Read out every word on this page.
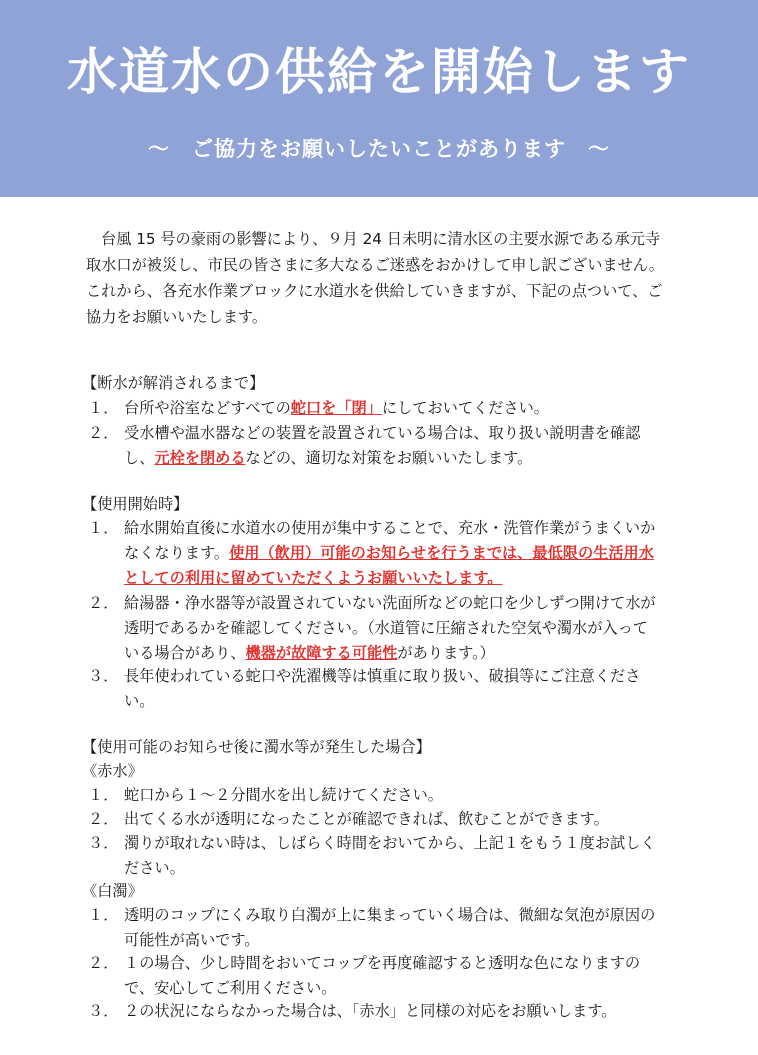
水道水の供給を開始します
～　ご協力をお願いしたいことがあります　～
台風 15 号の豪雨の影響により、９月 24 日未明に清水区の主要水源である承元寺取水口が被災し、市民の皆さまに多大なるご迷惑をおかけして申し訳ございません。これから、各充水作業ブロックに水道水を供給していきますが、下記の点ついて、ご協力をお願いいたします。
【断水が解消されるまで】
１． 台所や浴室などすべての蛇口を「閉」にしておいてください。
２． 受水槽や温水器などの装置を設置されている場合は、取り扱い説明書を確認し、元栓を閉めるなどの、適切な対策をお願いいたします。
【使用開始時】
１． 給水開始直後に水道水の使用が集中することで、充水・洗管作業がうまくいかなくなります。使用（飲用）可能のお知らせを行うまでは、最低限の生活用水としての利用に留めていただくようお願いいたします。
２． 給湯器・浄水器等が設置されていない洗面所などの蛇口を少しずつ開けて水が透明であるかを確認してください。（水道管に圧縮された空気や濁水が入っている場合があり、機器が故障する可能性があります。）
３． 長年使われている蛇口や洗濯機等は慎重に取り扱い、破損等にご注意ください。
【使用可能のお知らせ後に濁水等が発生した場合】
《赤水》
１． 蛇口から１～２分間水を出し続けてください。
２． 出てくる水が透明になったことが確認できれば、飲むことができます。
３． 濁りが取れない時は、しばらく時間をおいてから、上記１をもう１度お試しください。
《白濁》
１． 透明のコップにくみ取り白濁が上に集まっていく場合は、微細な気泡が原因の可能性が高いです。
２． １の場合、少し時間をおいてコップを再度確認すると透明な色になりますので、安心してご利用ください。
３． ２の状況にならなかった場合は、「赤水」と同様の対応をお願いします。
